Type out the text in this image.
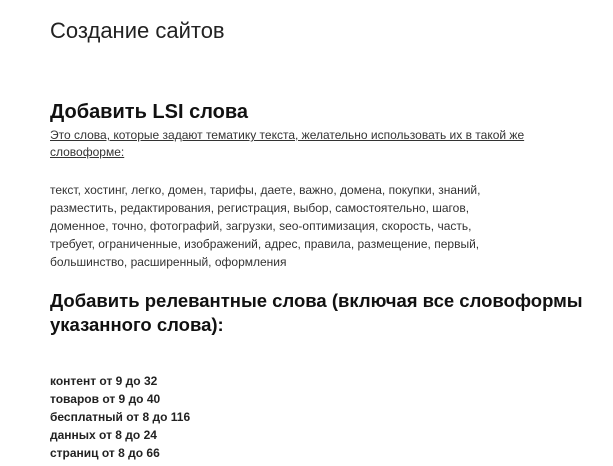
Создание сайтов
Добавить LSI слова

Это слова, которые задают тематику текста, желательно использовать их в такой же словоформе:

текст, хостинг, легко, домен, тарифы, даете, важно, домена, покупки, знаний, разместить, редактирования, регистрация, выбор, самостоятельно, шагов, доменное, точно, фотографий, загрузки, seo-оптимизация, скорость, часть, требует, ограниченные, изображений, адрес, правила, размещение, первый, большинство, расширенный, оформления

Добавить релевантные слова (включая все словоформы указанного слова):
контент от 9 до 32
товаров от 9 до 40
бесплатный от 8 до 116
данных от 8 до 24
страниц от 8 до 66
